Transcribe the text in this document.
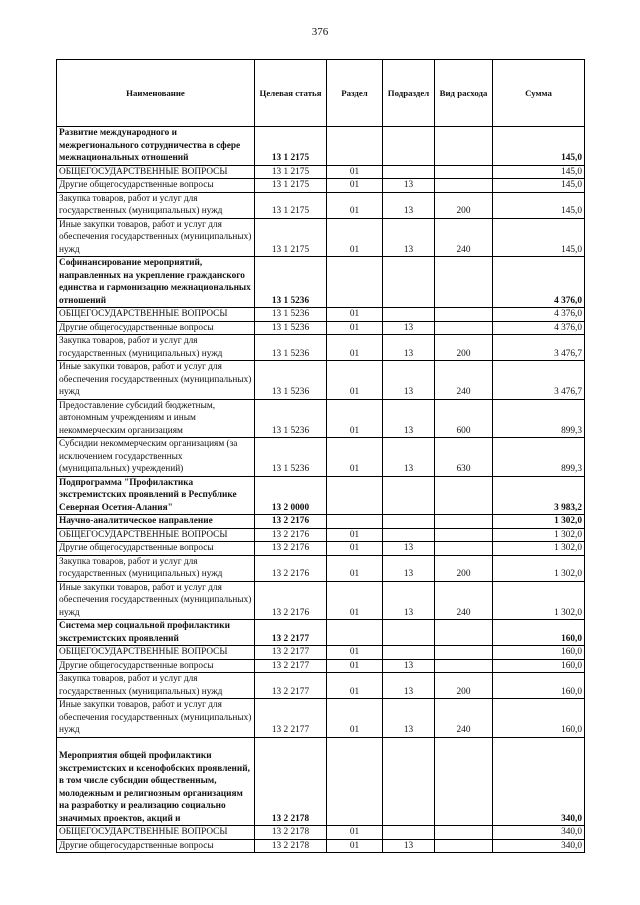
376
Наименование	Целевая статья	Раздел	Подраздел	Вид расхода	Сумма
Развитие международного и межрегионального сотрудничества в сфере межнациональных отношений	13 1 2175				145,0
ОБЩЕГОСУДАРСТВЕННЫЕ ВОПРОСЫ	13 1 2175	01			145,0
Другие общегосударственные вопросы	13 1 2175	01	13		145,0
Закупка товаров, работ и услуг для государственных (муниципальных) нужд	13 1 2175	01	13	200	145,0
Иные закупки товаров, работ и услуг для обеспечения государственных (муниципальных) нужд	13 1 2175	01	13	240	145,0
Софинансирование мероприятий, направленных на укрепление гражданского единства и гармонизацию межнациональных отношений	13 1 5236				4 376,0
ОБЩЕГОСУДАРСТВЕННЫЕ ВОПРОСЫ	13 1 5236	01			4 376,0
Другие общегосударственные вопросы	13 1 5236	01	13		4 376,0
Закупка товаров, работ и услуг для государственных (муниципальных) нужд	13 1 5236	01	13	200	3 476,7
Иные закупки товаров, работ и услуг для обеспечения государственных (муниципальных) нужд	13 1 5236	01	13	240	3 476,7
Предоставление субсидий бюджетным, автономным учреждениям и иным некоммерческим организациям	13 1 5236	01	13	600	899,3
Субсидии некоммерческим организациям (за исключением государственных (муниципальных) учреждений)	13 1 5236	01	13	630	899,3
Подпрограмма "Профилактика экстремистских проявлений в Республике Северная Осетия-Алания"	13 2 0000				3 983,2
Научно-аналитическое направление	13 2 2176				1 302,0
ОБЩЕГОСУДАРСТВЕННЫЕ ВОПРОСЫ	13 2 2176	01			1 302,0
Другие общегосударственные вопросы	13 2 2176	01	13		1 302,0
Закупка товаров, работ и услуг для государственных (муниципальных) нужд	13 2 2176	01	13	200	1 302,0
Иные закупки товаров, работ и услуг для обеспечения государственных (муниципальных) нужд	13 2 2176	01	13	240	1 302,0
Система мер социальной профилактики экстремистских проявлений	13 2 2177				160,0
ОБЩЕГОСУДАРСТВЕННЫЕ ВОПРОСЫ	13 2 2177	01			160,0
Другие общегосударственные вопросы	13 2 2177	01	13		160,0
Закупка товаров, работ и услуг для государственных (муниципальных) нужд	13 2 2177	01	13	200	160,0
Иные закупки товаров, работ и услуг для обеспечения государственных (муниципальных) нужд	13 2 2177	01	13	240	160,0
Мероприятия общей профилактики экстремистских и ксенофобских проявлений, в том числе субсидии общественным, молодежным и религиозным организациям на разработку и реализацию социально значимых проектов, акций и	13 2 2178				340,0
ОБЩЕГОСУДАРСТВЕННЫЕ ВОПРОСЫ	13 2 2178	01			340,0
Другие общегосударственные вопросы	13 2 2178	01	13		340,0
